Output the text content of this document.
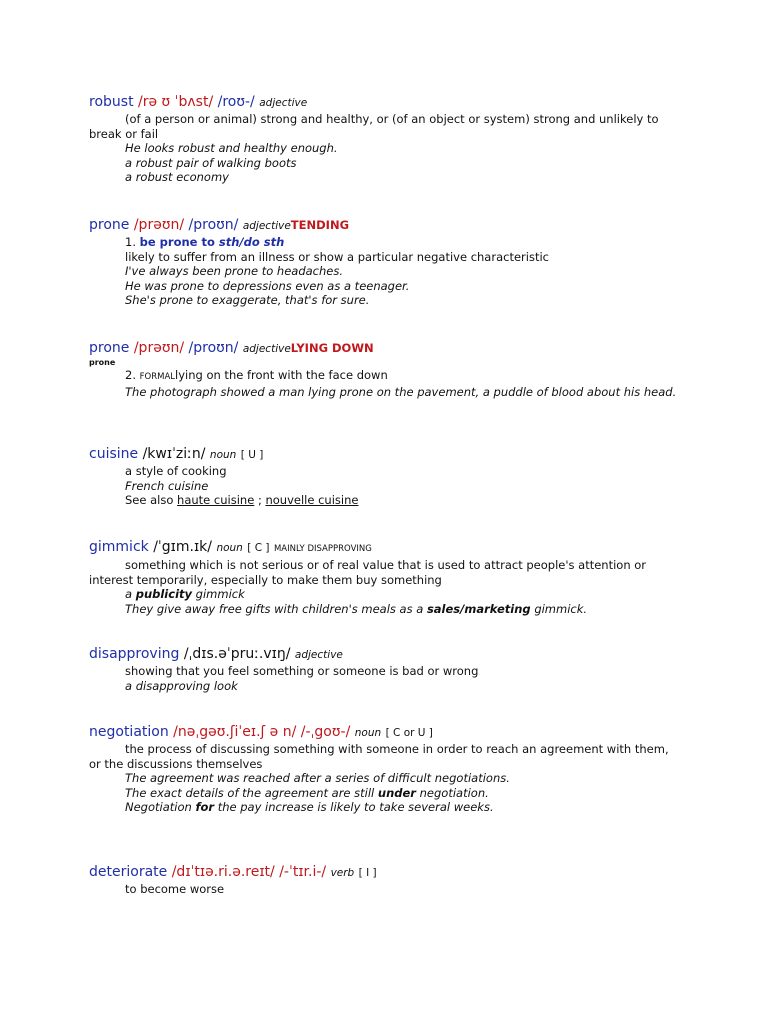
robust /rə ʊ ˈbʌst/ /roʊ-/ adjective
(of a person or animal) strong and healthy, or (of an object or system) strong and unlikely to break or fail
He looks robust and healthy enough.
a robust pair of walking boots
a robust economy
prone /prəʊn/ /proʊn/ adjectiveTENDING
1. be prone to sth/do sth
likely to suffer from an illness or show a particular negative characteristic
I've always been prone to headaches.
He was prone to depressions even as a teenager.
She's prone to exaggerate, that's for sure.
prone /prəʊn/ /proʊn/ adjectiveLYING DOWN
prone
2. FORMALlying on the front with the face down
The photograph showed a man lying prone on the pavement, a puddle of blood about his head.
cuisine /kwɪˈziːn/ noun [ U ]
a style of cooking
French cuisine
See also haute cuisine ; nouvelle cuisine
gimmick /ˈgɪm.ɪk/ noun [ C ] MAINLY DISAPPROVING
something which is not serious or of real value that is used to attract people's attention or interest temporarily, especially to make them buy something
a publicity gimmick
They give away free gifts with children's meals as a sales/marketing gimmick.
disapproving /ˌdɪs.əˈpruː.vɪŋ/ adjective
showing that you feel something or someone is bad or wrong
a disapproving look
negotiation /nəˌgəʊ.ʃiˈeɪ.ʃ ə n/ /-ˌgoʊ-/ noun [ C or U ]
the process of discussing something with someone in order to reach an agreement with them, or the discussions themselves
The agreement was reached after a series of difficult negotiations.
The exact details of the agreement are still under negotiation.
Negotiation for the pay increase is likely to take several weeks.
deteriorate /dɪˈtɪə.ri.ə.reɪt/ /-ˈtɪr.i-/ verb [ I ]
to become worse
